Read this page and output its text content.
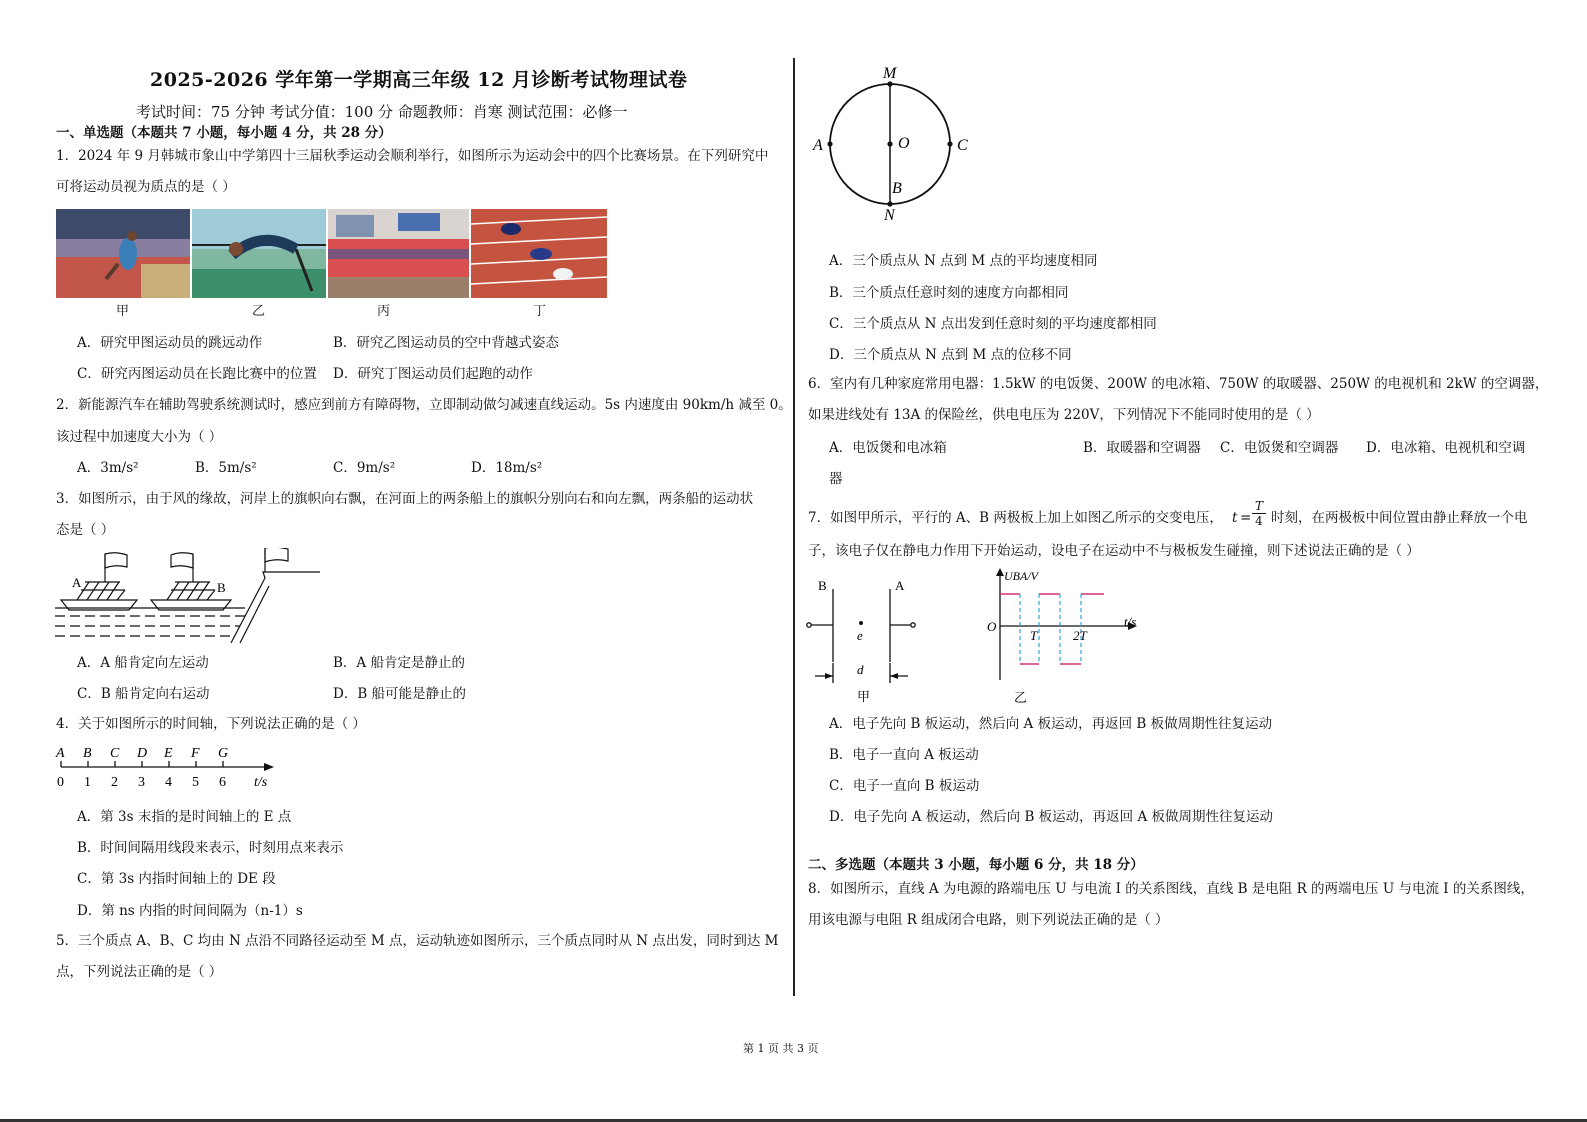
2025-2026 学年第一学期高三年级 12 月诊断考试物理试卷
考试时间：75 分钟 考试分值：100 分 命题教师：肖寒 测试范围：必修一
一、单选题（本题共 7 小题，每小题 4 分，共 28 分）
1．2024 年 9 月韩城市象山中学第四十三届秋季运动会顺利举行，如图所示为运动会中的四个比赛场景。在下列研究中
可将运动员视为质点的是（ ）
甲	乙	丙	丁
A．研究甲图运动员的跳远动作	B．研究乙图运动员的空中背越式姿态
C．研究丙图运动员在长跑比赛中的位置 D．研究丁图运动员们起跑的动作
2．新能源汽车在辅助驾驶系统测试时，感应到前方有障碍物，立即制动做匀减速直线运动。5s 内速度由 90km/h 减至 0。
该过程中加速度大小为（ ）
A．3m/s²	B．5m/s²	C．9m/s²	D．18m/s²
3．如图所示，由于风的缘故，河岸上的旗帜向右飘，在河面上的两条船上的旗帜分别向右和向左飘，两条船的运动状
态是（ ）
A	B
A．A 船肯定向左运动	B．A 船肯定是静止的
C．B 船肯定向右运动	D．B 船可能是静止的
4．关于如图所示的时间轴，下列说法正确的是（ ）
A B C D E F G
0 1 2 3 4 5 6 t/s
A．第 3s 末指的是时间轴上的 E 点
B．时间间隔用线段来表示，时刻用点来表示
C．第 3s 内指时间轴上的 DE 段
D．第 ns 内指的时间间隔为（n-1）s
5．三个质点 A、B、C 均由 N 点沿不同路径运动至 M 点，运动轨迹如图所示，三个质点同时从 N 点出发，同时到达 M
点，下列说法正确的是（ ）
M
N
A	C
O
B
A．三个质点从 N 点到 M 点的平均速度相同
B．三个质点任意时刻的速度方向都相同
C．三个质点从 N 点出发到任意时刻的平均速度都相同
D．三个质点从 N 点到 M 点的位移不同
6．室内有几种家庭常用电器：1.5kW 的电饭煲、200W 的电冰箱、750W 的取暖器、250W 的电视机和 2kW 的空调器，
如果进线处有 13A 的保险丝，供电电压为 220V，下列情况下不能同时使用的是（ ）
A．电饭煲和电冰箱	B．取暖器和空调器 C．电饭煲和空调器 D．电冰箱、电视机和空调
器
7．如图甲所示，平行的 A、B 两极板上加上如图乙所示的交变电压， $t = \frac{T}{4}$ 时刻，在两极板中间位置由静止释放一个电
子，该电子仅在静电力作用下开始运动，设电子在运动中不与极板发生碰撞，则下述说法正确的是（ ）
B	A
e
d
甲
UBA/V
O
T	2T
t/s
乙
A．电子先向 B 板运动，然后向 A 板运动，再返回 B 板做周期性往复运动
B．电子一直向 A 板运动
C．电子一直向 B 板运动
D．电子先向 A 板运动，然后向 B 板运动，再返回 A 板做周期性往复运动
二、多选题（本题共 3 小题，每小题 6 分，共 18 分）
8．如图所示，直线 A 为电源的路端电压 U 与电流 I 的关系图线，直线 B 是电阻 R 的两端电压 U 与电流 I 的关系图线，
用该电源与电阻 R 组成闭合电路，则下列说法正确的是（ ）
第 1 页 共 3 页
